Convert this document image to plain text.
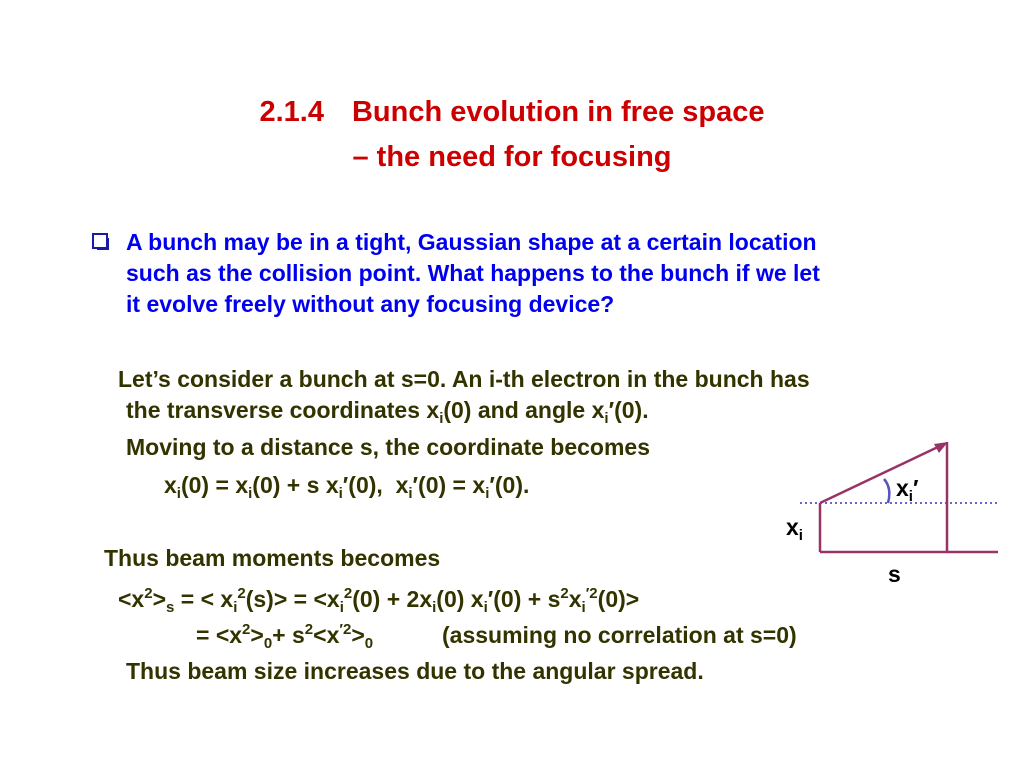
2.1.4 Bunch evolution in free space
– the need for focusing
A bunch may be in a tight, Gaussian shape at a certain location
such as the collision point. What happens to the bunch if we let
it evolve freely without any focusing device?
Let’s consider a bunch at s=0. An i-th electron in the bunch has
the transverse coordinates $x_i(0)$ and angle $x_i'(0)$.
Moving to a distance s, the coordinate becomes
$x_i(0) = x_i(0) + s$ $x_i'(0)$,  $x_i'(0) = x_i'(0)$.
Thus beam moments becomes
$<x^2>_s$ = < $x_i^2(s)> = <x_i^2(0) + 2x_i(0) x_i'(0) + s^2x_i^{'2}(0)>$
= $<x^2>_0+ s^2<x^{'2}>_0$	(assuming no correlation at s=0)
Thus beam size increases due to the angular spread.
$x_i'$
$x_i$
s
